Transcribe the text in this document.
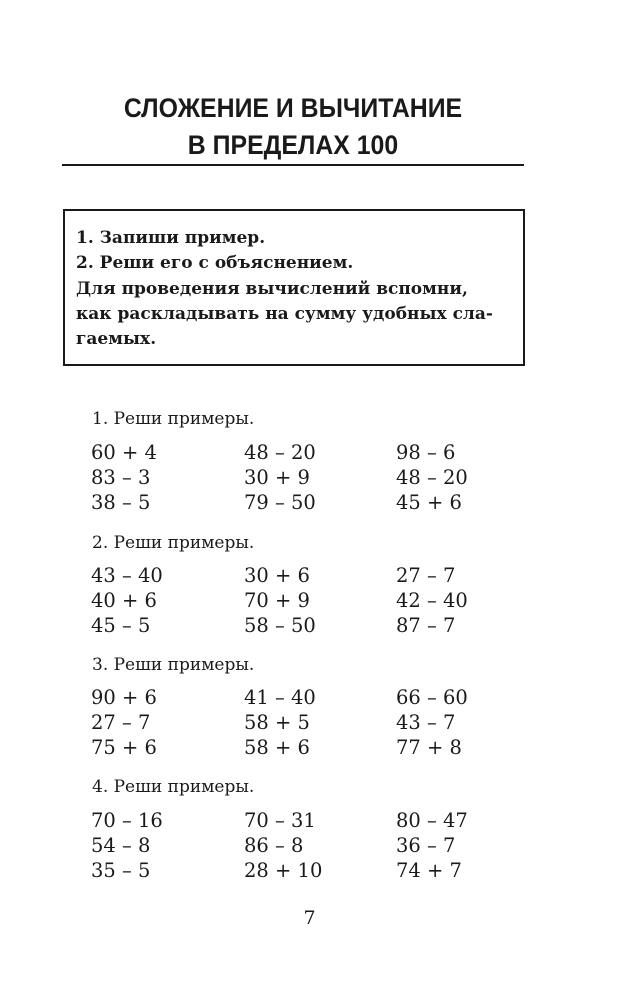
СЛОЖЕНИЕ И ВЫЧИТАНИЕ
В ПРЕДЕЛАХ 100
1. Запиши пример.
2. Реши его с объяснением.
Для проведения вычислений вспомни,
как раскладывать на сумму удобных сла-
гаемых.
1. Реши примеры.
60 + 4	48 – 20	98 – 6
83 – 3	30 + 9	48 – 20
38 – 5	79 – 50	45 + 6
2. Реши примеры.
43 – 40	30 + 6	27 – 7
40 + 6	70 + 9	42 – 40
45 – 5	58 – 50	87 – 7
3. Реши примеры.
90 + 6	41 – 40	66 – 60
27 – 7	58 + 5	43 – 7
75 + 6	58 + 6	77 + 8
4. Реши примеры.
70 – 16	70 – 31	80 – 47
54 – 8	86 – 8	36 – 7
35 – 5	28 + 10	74 + 7
7
